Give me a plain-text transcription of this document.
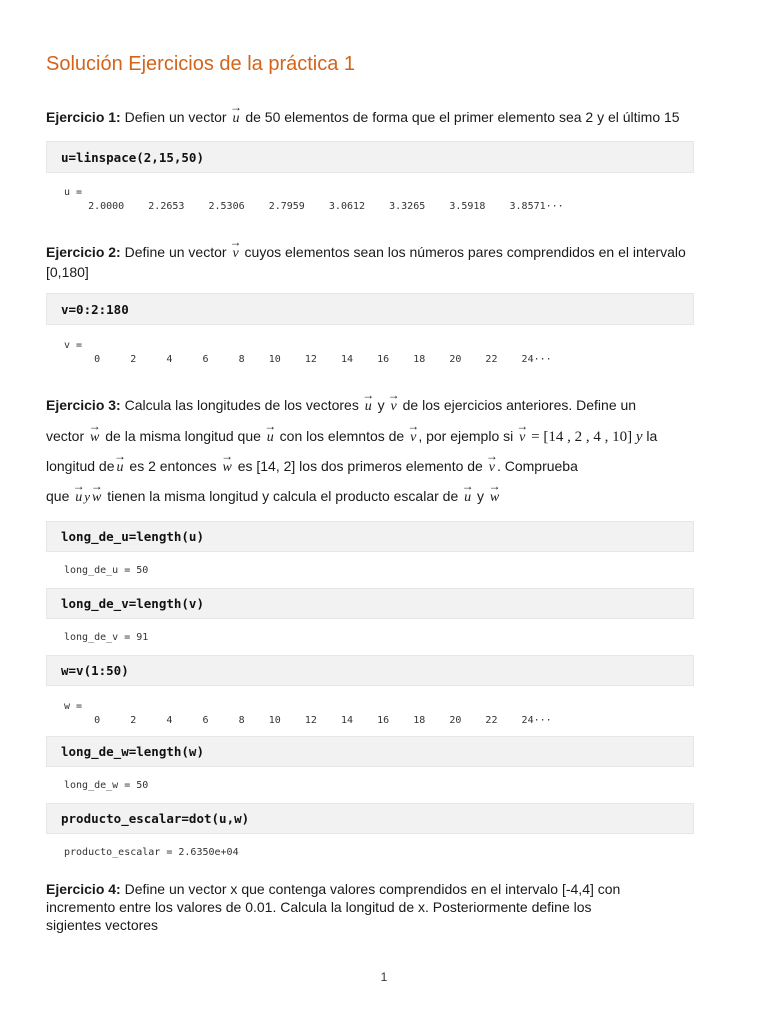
Solución Ejercicios de la práctica 1
Ejercicio 1: Defien un vector → u de 50 elementos de forma que el primer elemento sea 2 y el último 15
u=linspace(2,15,50)
u =
2.0000    2.2653    2.5306    2.7959    3.0612    3.3265    3.5918    3.8571···
Ejercicio 2: Define un vector → v cuyos elementos sean los números pares comprendidos en el intervalo [0,180]
v=0:2:180
v =
0     2     4     6     8    10    12    14    16    18    20    22    24···
Ejercicio 3: Calcula las longitudes de los vectores → u y → v de los ejercicios anteriores. Define un
vector → w de la misma longitud que → u con los elemntos de → v , por ejemplo si → v = [14 , 2 , 4 , 10] y la
longitud de → u es 2 entonces → w es [14, 2] los dos primeros elemento de → v . Comprueba
que → u y → w tienen la misma longitud y calcula el producto escalar de → u y → w
long_de_u=length(u)
long_de_u = 50
long_de_v=length(v)
long_de_v = 91
w=v(1:50)
w =
0     2     4     6     8    10    12    14    16    18    20    22    24···
long_de_w=length(w)
long_de_w = 50
producto_escalar=dot(u,w)
producto_escalar = 2.6350e+04
Ejercicio 4: Define un vector x que contenga valores comprendidos en el intervalo [-4,4] con incremento entre los valores de 0.01. Calcula la longitud de x. Posteriormente define los sigientes vectores
1
